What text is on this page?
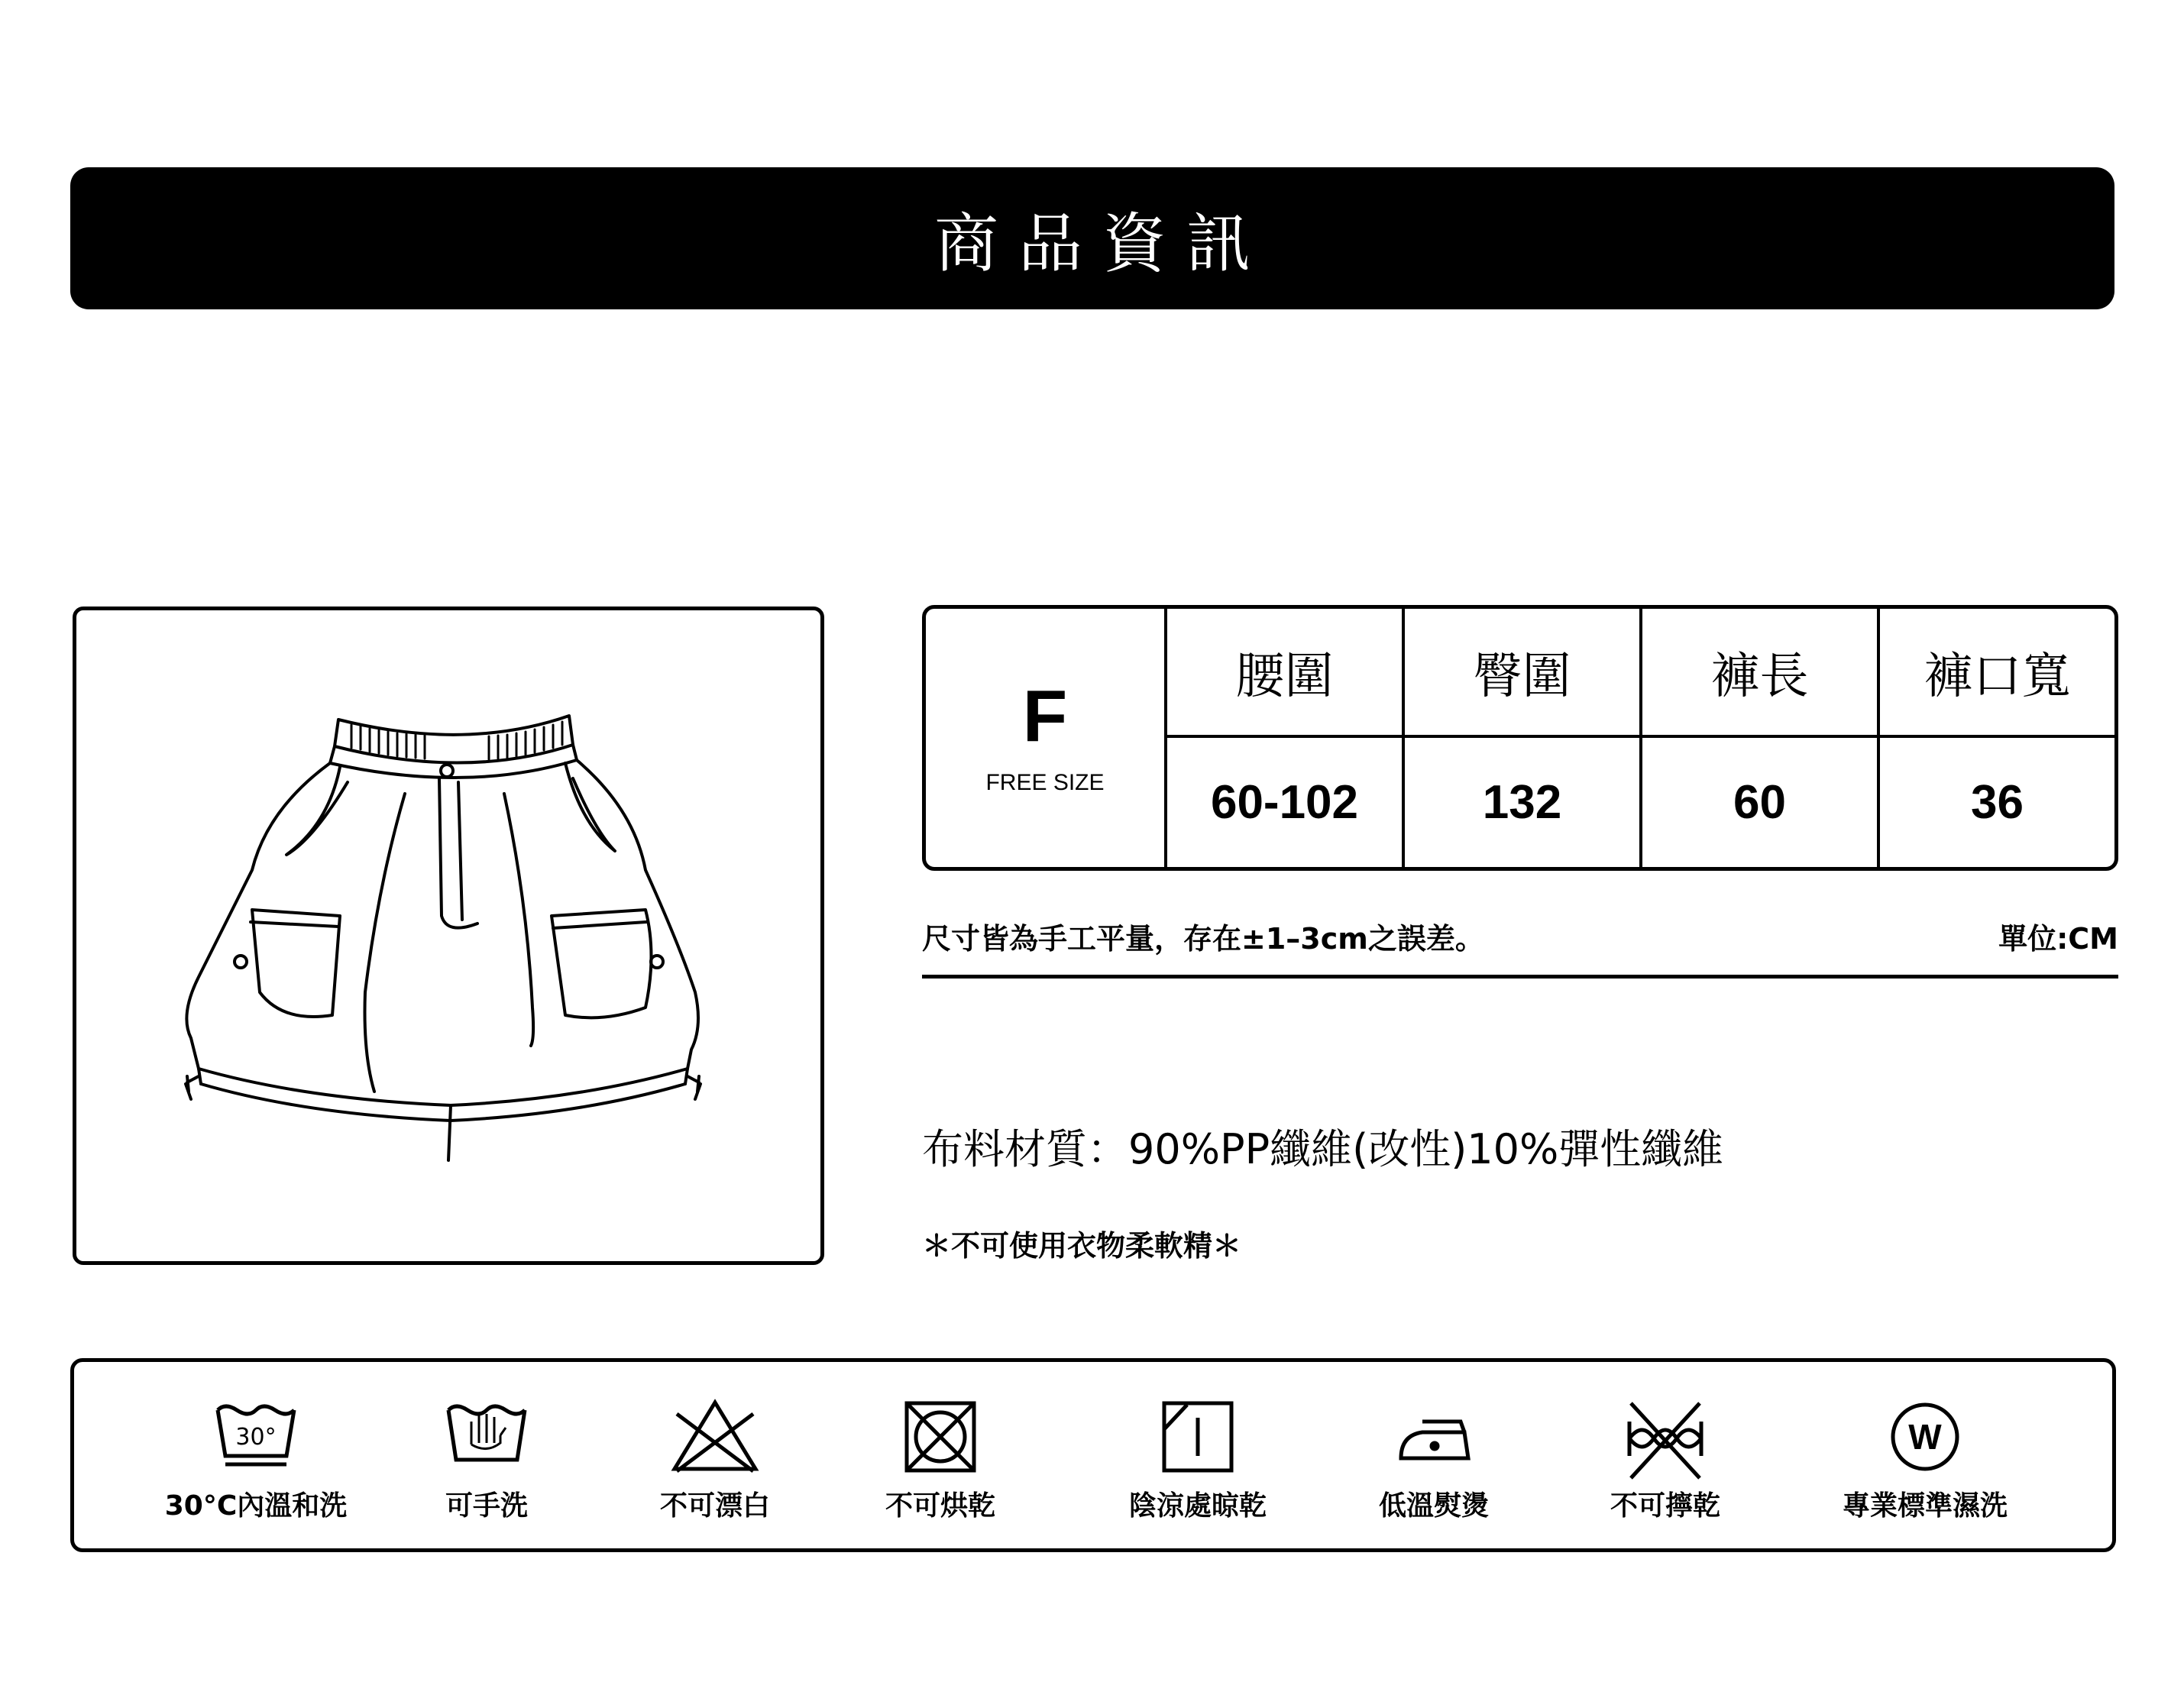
商品資訊
F
FREE SIZE
腰圍	臀圍	褲長	褲口寬
60-102	132	60	36
尺寸皆為手工平量，存在±1–3cm之誤差。	單位:CM
布料材質：90%PP纖維(改性)10%彈性纖維
＊不可使用衣物柔軟精＊
30°
30°C內溫和洗	可手洗	不可漂白	不可烘乾	陰涼處晾乾	低溫熨燙	不可擰乾
W
專業標準濕洗
